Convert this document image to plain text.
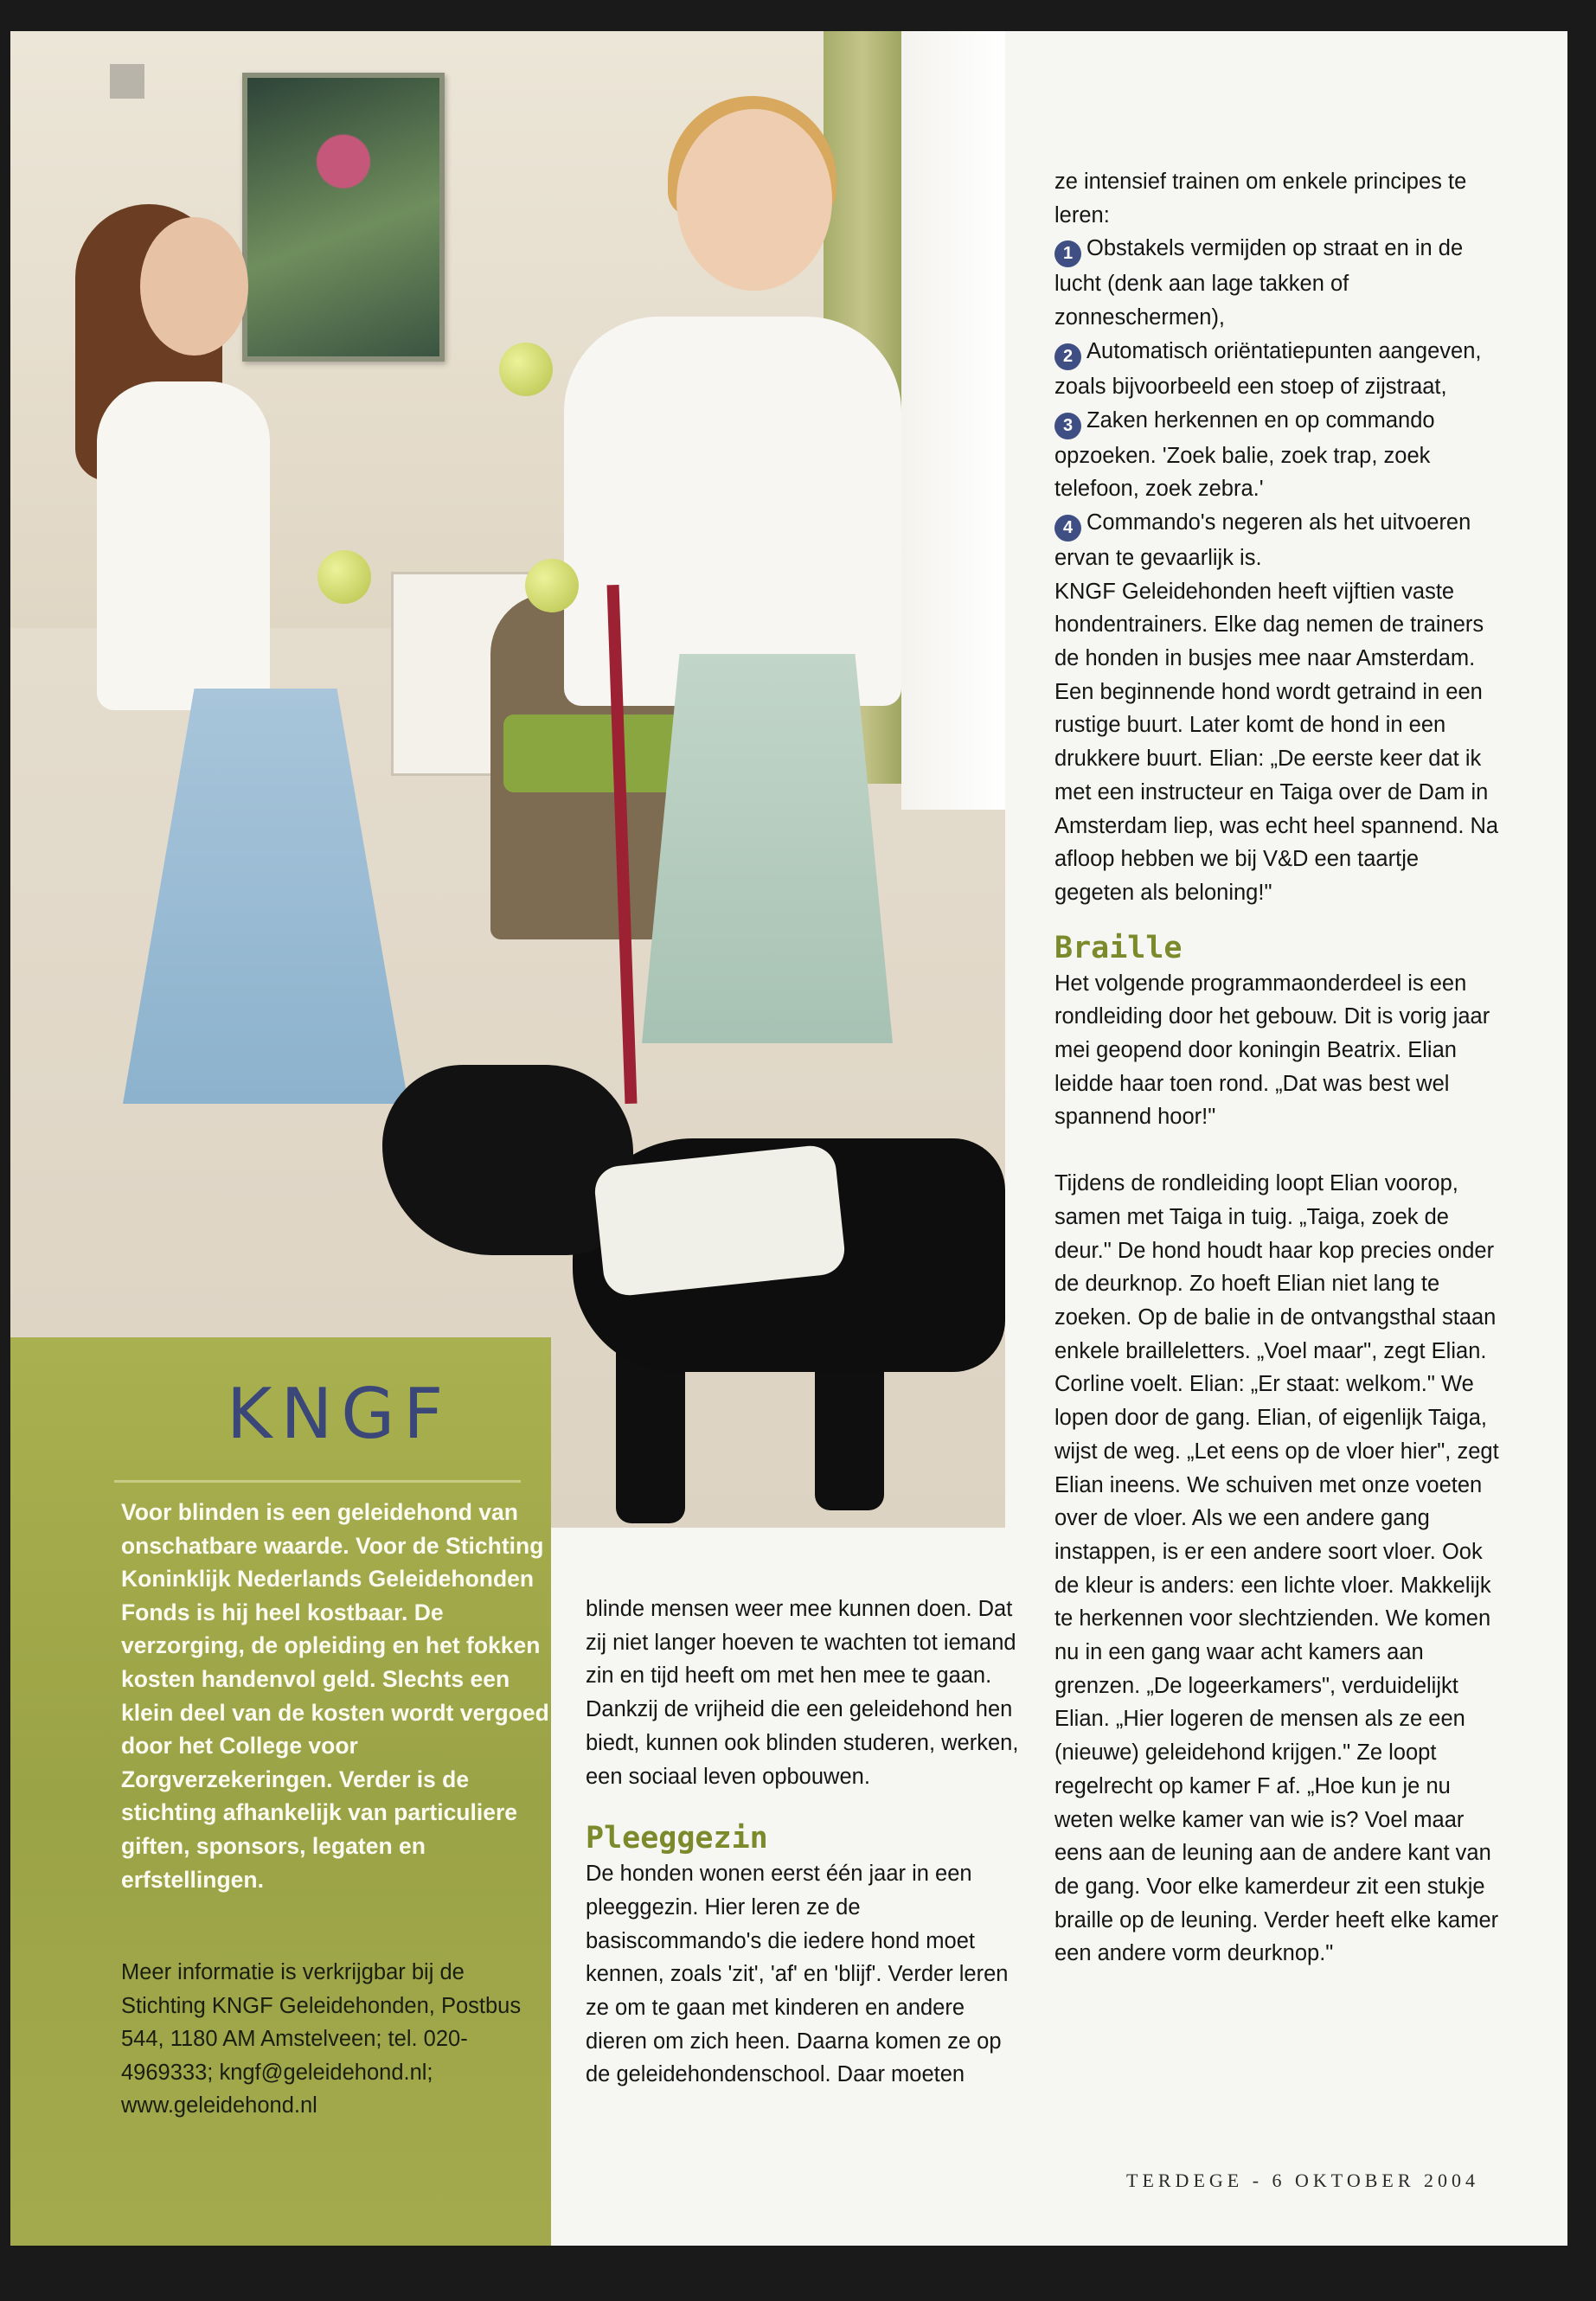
KNGF
Voor blinden is een geleidehond van onschatbare waarde. Voor de Stichting Koninklijk Nederlands Geleidehonden Fonds is hij heel kostbaar. De verzorging, de opleiding en het fokken kosten handenvol geld. Slechts een klein deel van de kosten wordt vergoed door het College voor Zorgverzekeringen. Verder is de stichting afhankelijk van particuliere giften, sponsors, legaten en erfstellingen.
Meer informatie is verkrijgbar bij de Stichting KNGF Geleidehonden, Postbus 544, 1180 AM Amstelveen; tel. 020-4969333; kngf@geleidehond.nl; www.geleidehond.nl

blinde mensen weer mee kunnen doen. Dat zij niet langer hoeven te wachten tot iemand zin en tijd heeft om met hen mee te gaan. Dankzij de vrijheid die een geleidehond hen biedt, kunnen ook blinden studeren, werken, een sociaal leven opbouwen.

Pleeggezin

De honden wonen eerst één jaar in een pleeggezin. Hier leren ze de basiscommando's die iedere hond moet kennen, zoals 'zit', 'af' en 'blijf'. Verder leren ze om te gaan met kinderen en andere dieren om zich heen. Daarna komen ze op de geleidehondenschool. Daar moeten

ze intensief trainen om enkele principes te leren:

1 Obstakels vermijden op straat en in de lucht (denk aan lage takken of zonneschermen),

2 Automatisch oriëntatiepunten aangeven, zoals bijvoorbeeld een stoep of zijstraat,

3 Zaken herkennen en op commando opzoeken. 'Zoek balie, zoek trap, zoek telefoon, zoek zebra.'

4 Commando's negeren als het uitvoeren ervan te gevaarlijk is.

KNGF Geleidehonden heeft vijftien vaste hondentrainers. Elke dag nemen de trainers de honden in busjes mee naar Amsterdam. Een beginnende hond wordt getraind in een rustige buurt. Later komt de hond in een drukkere buurt. Elian: „De eerste keer dat ik met een instructeur en Taiga over de Dam in Amsterdam liep, was echt heel spannend. Na afloop hebben we bij V&D een taartje gegeten als beloning!"

Braille

Het volgende programmaonderdeel is een rondleiding door het gebouw. Dit is vorig jaar mei geopend door koningin Beatrix. Elian leidde haar toen rond. „Dat was best wel spannend hoor!"

Tijdens de rondleiding loopt Elian voorop, samen met Taiga in tuig. „Taiga, zoek de deur." De hond houdt haar kop precies onder de deurknop. Zo hoeft Elian niet lang te zoeken. Op de balie in de ontvangsthal staan enkele brailleletters. „Voel maar", zegt Elian. Corline voelt. Elian: „Er staat: welkom." We lopen door de gang. Elian, of eigenlijk Taiga, wijst de weg. „Let eens op de vloer hier", zegt Elian ineens. We schuiven met onze voeten over de vloer. Als we een andere gang instappen, is er een andere soort vloer. Ook de kleur is anders: een lichte vloer. Makkelijk te herkennen voor slechtzienden. We komen nu in een gang waar acht kamers aan grenzen. „De logeerkamers", verduidelijkt Elian. „Hier logeren de mensen als ze een (nieuwe) geleidehond krijgen." Ze loopt regelrecht op kamer F af. „Hoe kun je nu weten welke kamer van wie is? Voel maar eens aan de leuning aan de andere kant van de gang. Voor elke kamerdeur zit een stukje braille op de leuning. Verder heeft elke kamer een andere vorm deurknop."

TERDEGE - 6 OKTOBER 2004
